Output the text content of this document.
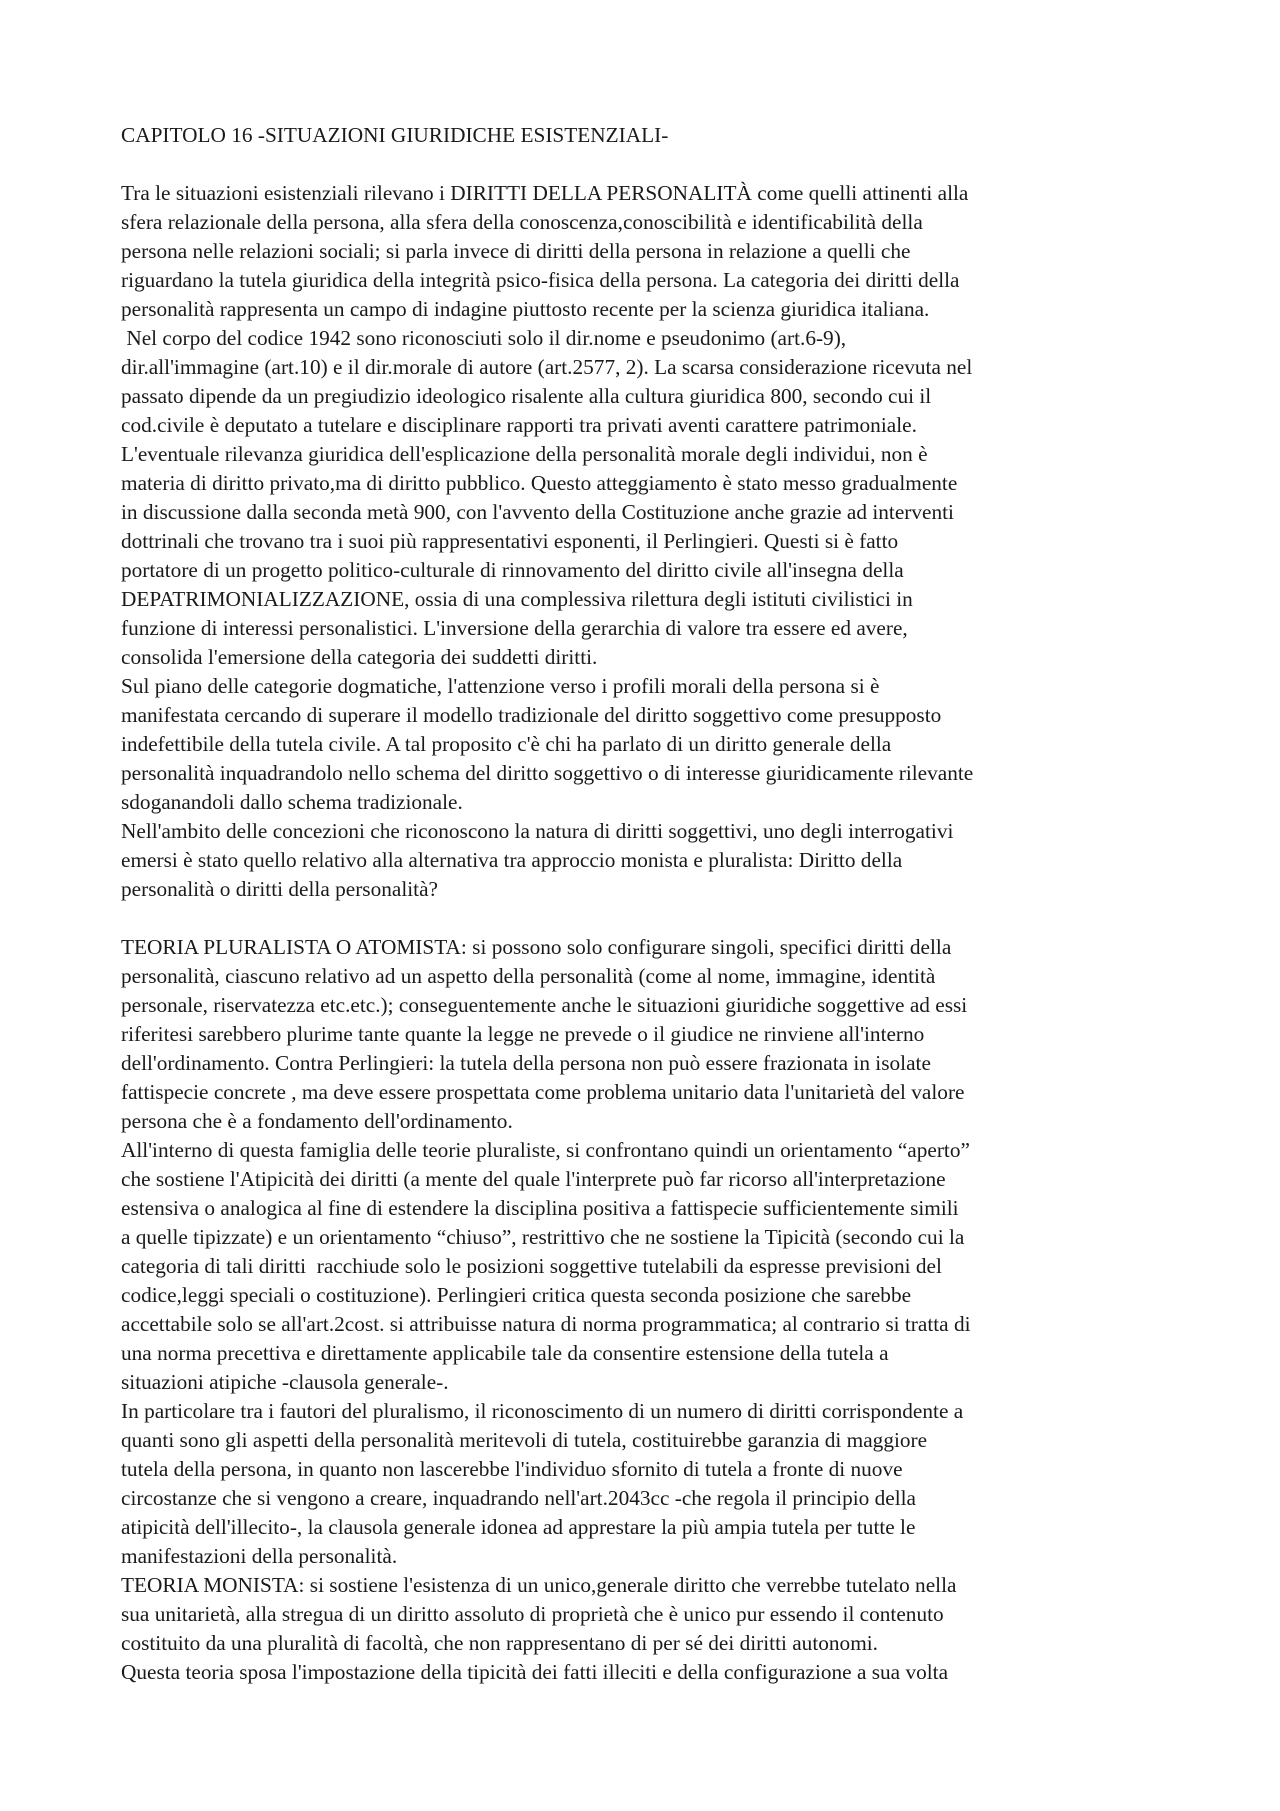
CAPITOLO 16 -SITUAZIONI GIURIDICHE ESISTENZIALI-
Tra le situazioni esistenziali rilevano i DIRITTI DELLA PERSONALITÀ come quelli attinenti alla
sfera relazionale della persona, alla sfera della conoscenza,conoscibilità e identificabilità della
persona nelle relazioni sociali; si parla invece di diritti della persona in relazione a quelli che
riguardano la tutela giuridica della integrità psico-fisica della persona. La categoria dei diritti della
personalità rappresenta un campo di indagine piuttosto recente per la scienza giuridica italiana.
Nel corpo del codice 1942 sono riconosciuti solo il dir.nome e pseudonimo (art.6-9),
dir.all'immagine (art.10) e il dir.morale di autore (art.2577, 2). La scarsa considerazione ricevuta nel
passato dipende da un pregiudizio ideologico risalente alla cultura giuridica 800, secondo cui il
cod.civile è deputato a tutelare e disciplinare rapporti tra privati aventi carattere patrimoniale.
L'eventuale rilevanza giuridica dell'esplicazione della personalità morale degli individui, non è
materia di diritto privato,ma di diritto pubblico. Questo atteggiamento è stato messo gradualmente
in discussione dalla seconda metà 900, con l'avvento della Costituzione anche grazie ad interventi
dottrinali che trovano tra i suoi più rappresentativi esponenti, il Perlingieri. Questi si è fatto
portatore di un progetto politico-culturale di rinnovamento del diritto civile all'insegna della
DEPATRIMONIALIZZAZIONE, ossia di una complessiva rilettura degli istituti civilistici in
funzione di interessi personalistici. L'inversione della gerarchia di valore tra essere ed avere,
consolida l'emersione della categoria dei suddetti diritti.
Sul piano delle categorie dogmatiche, l'attenzione verso i profili morali della persona si è
manifestata cercando di superare il modello tradizionale del diritto soggettivo come presupposto
indefettibile della tutela civile. A tal proposito c'è chi ha parlato di un diritto generale della
personalità inquadrandolo nello schema del diritto soggettivo o di interesse giuridicamente rilevante
sdoganandoli dallo schema tradizionale.
Nell'ambito delle concezioni che riconoscono la natura di diritti soggettivi, uno degli interrogativi
emersi è stato quello relativo alla alternativa tra approccio monista e pluralista: Diritto della
personalità o diritti della personalità?
TEORIA PLURALISTA O ATOMISTA: si possono solo configurare singoli, specifici diritti della
personalità, ciascuno relativo ad un aspetto della personalità (come al nome, immagine, identità
personale, riservatezza etc.etc.); conseguentemente anche le situazioni giuridiche soggettive ad essi
riferitesi sarebbero plurime tante quante la legge ne prevede o il giudice ne rinviene all'interno
dell'ordinamento. Contra Perlingieri: la tutela della persona non può essere frazionata in isolate
fattispecie concrete , ma deve essere prospettata come problema unitario data l'unitarietà del valore
persona che è a fondamento dell'ordinamento.
All'interno di questa famiglia delle teorie pluraliste, si confrontano quindi un orientamento “aperto”
che sostiene l'Atipicità dei diritti (a mente del quale l'interprete può far ricorso all'interpretazione
estensiva o analogica al fine di estendere la disciplina positiva a fattispecie sufficientemente simili
a quelle tipizzate) e un orientamento “chiuso”, restrittivo che ne sostiene la Tipicità (secondo cui la
categoria di tali diritti  racchiude solo le posizioni soggettive tutelabili da espresse previsioni del
codice,leggi speciali o costituzione). Perlingieri critica questa seconda posizione che sarebbe
accettabile solo se all'art.2cost. si attribuisse natura di norma programmatica; al contrario si tratta di
una norma precettiva e direttamente applicabile tale da consentire estensione della tutela a
situazioni atipiche -clausola generale-.
In particolare tra i fautori del pluralismo, il riconoscimento di un numero di diritti corrispondente a
quanti sono gli aspetti della personalità meritevoli di tutela, costituirebbe garanzia di maggiore
tutela della persona, in quanto non lascerebbe l'individuo sfornito di tutela a fronte di nuove
circostanze che si vengono a creare, inquadrando nell'art.2043cc -che regola il principio della
atipicità dell'illecito-, la clausola generale idonea ad apprestare la più ampia tutela per tutte le
manifestazioni della personalità.
TEORIA MONISTA: si sostiene l'esistenza di un unico,generale diritto che verrebbe tutelato nella
sua unitarietà, alla stregua di un diritto assoluto di proprietà che è unico pur essendo il contenuto
costituito da una pluralità di facoltà, che non rappresentano di per sé dei diritti autonomi.
Questa teoria sposa l'impostazione della tipicità dei fatti illeciti e della configurazione a sua volta
